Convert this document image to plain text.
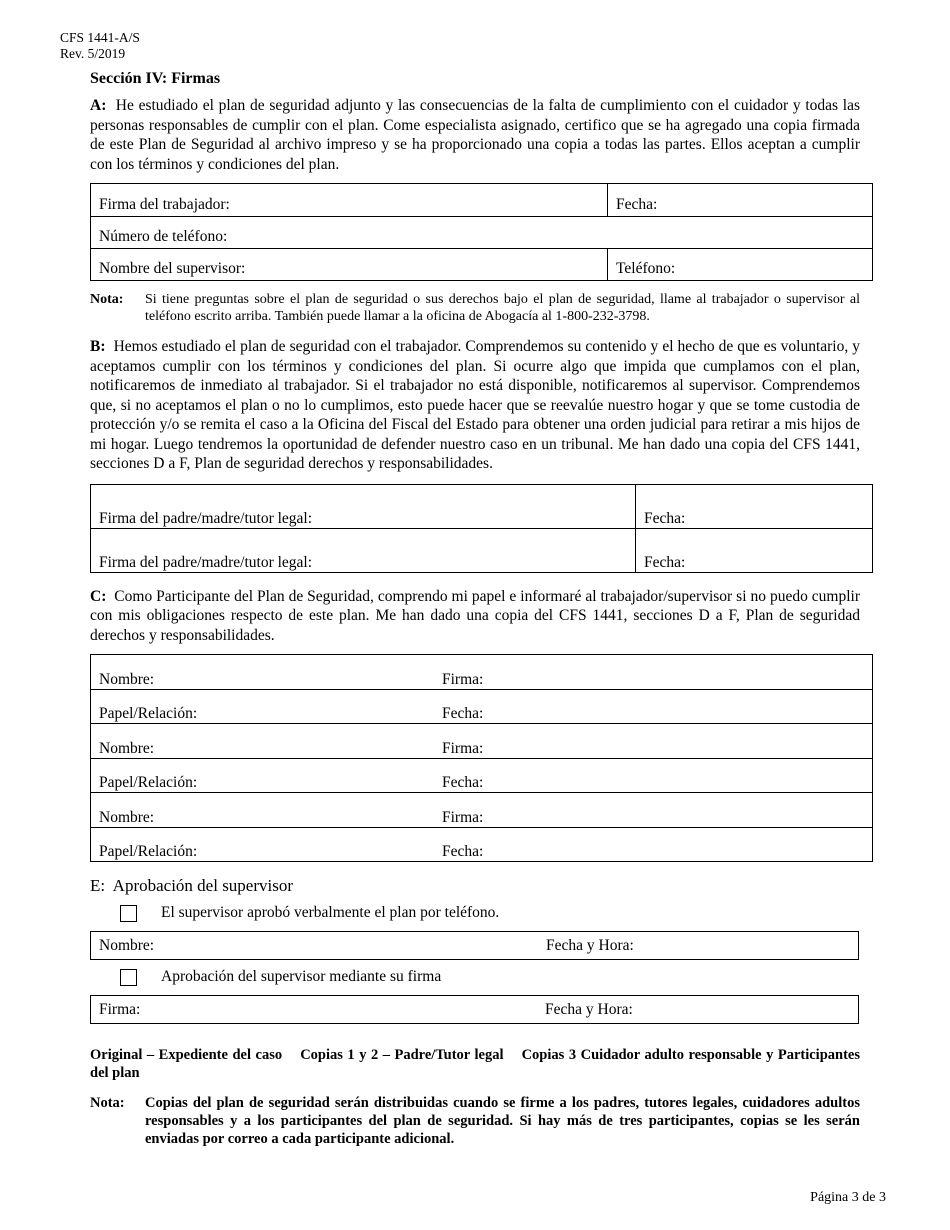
CFS 1441-A/S
Rev. 5/2019
Sección IV: Firmas

A: He estudiado el plan de seguridad adjunto y las consecuencias de la falta de cumplimiento con el cuidador y todas las personas responsables de cumplir con el plan. Come especialista asignado, certifico que se ha agregado una copia firmada de este Plan de Seguridad al archivo impreso y se ha proporcionado una copia a todas las partes. Ellos aceptan a cumplir con los términos y condiciones del plan.

Firma del trabajador:	Fecha:
Número de teléfono:	
Nombre del supervisor:	Teléfono:
Nota:	Si tiene preguntas sobre el plan de seguridad o sus derechos bajo el plan de seguridad, llame al trabajador o supervisor al teléfono escrito arriba. También puede llamar a la oficina de Abogacía al 1-800-232-3798.

B: Hemos estudiado el plan de seguridad con el trabajador. Comprendemos su contenido y el hecho de que es voluntario, y aceptamos cumplir con los términos y condiciones del plan. Si ocurre algo que impida que cumplamos con el plan, notificaremos de inmediato al trabajador. Si el trabajador no está disponible, notificaremos al supervisor. Comprendemos que, si no aceptamos el plan o no lo cumplimos, esto puede hacer que se reevalúe nuestro hogar y que se tome custodia de protección y/o se remita el caso a la Oficina del Fiscal del Estado para obtener una orden judicial para retirar a mis hijos de mi hogar. Luego tendremos la oportunidad de defender nuestro caso en un tribunal. Me han dado una copia del CFS 1441, secciones D a F, Plan de seguridad derechos y responsabilidades.

Firma del padre/madre/tutor legal:	Fecha:
Firma del padre/madre/tutor legal:	Fecha:

C: Como Participante del Plan de Seguridad, comprendo mi papel e informaré al trabajador/supervisor si no puedo cumplir con mis obligaciones respecto de este plan. Me han dado una copia del CFS 1441, secciones D a F, Plan de seguridad derechos y responsabilidades.

Nombre:	Firma:
Papel/Relación:	Fecha:
Nombre:	Firma:
Papel/Relación:	Fecha:
Nombre:	Firma:
Papel/Relación:	Fecha:
E: Aprobación del supervisor
El supervisor aprobó verbalmente el plan por teléfono.
Nombre:	Fecha y Hora:
Aprobación del supervisor mediante su firma
Firma:	Fecha y Hora:
Original – Expediente del caso    Copias 1 y 2 – Padre/Tutor legal    Copias 3 Cuidador adulto responsable y Participantes del plan
Nota:	Copias del plan de seguridad serán distribuidas cuando se firme a los padres, tutores legales, cuidadores adultos responsables y a los participantes del plan de seguridad. Si hay más de tres participantes, copias se les serán enviadas por correo a cada participante adicional.
Página 3 de 3
